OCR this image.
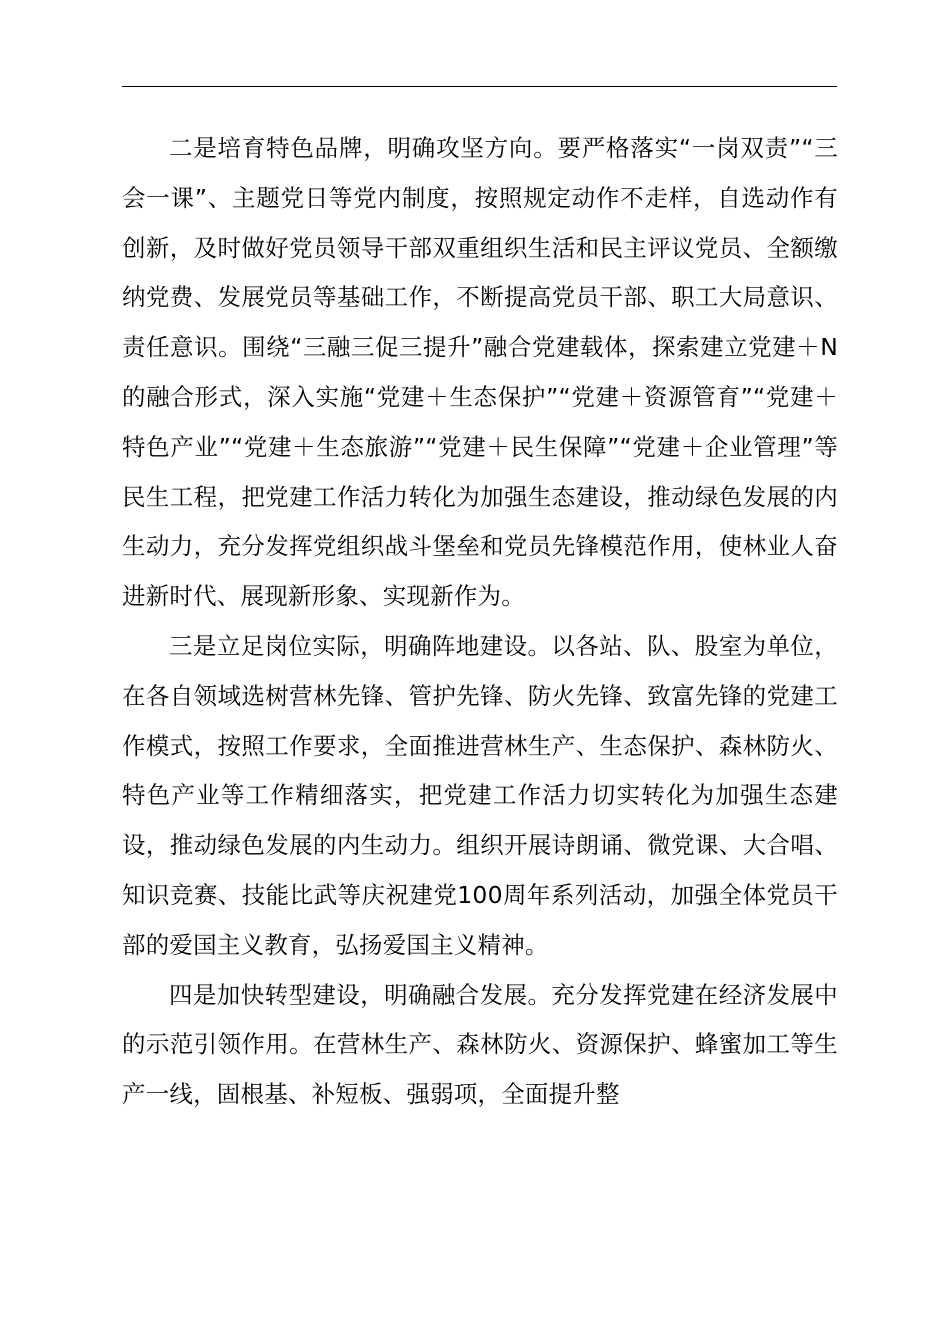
二是培育特色品牌，明确攻坚方向。要严格落实“一岗双责”“三会一课”、主题党日等党内制度，按照规定动作不走样，自选动作有创新，及时做好党员领导干部双重组织生活和民主评议党员、全额缴纳党费、发展党员等基础工作，不断提高党员干部、职工大局意识、责任意识。围绕“三融三促三提升”融合党建载体，探索建立党建＋N的融合形式，深入实施“党建＋生态保护”“党建＋资源管育”“党建＋特色产业”“党建＋生态旅游”“党建＋民生保障”“党建＋企业管理”等民生工程，把党建工作活力转化为加强生态建设，推动绿色发展的内生动力，充分发挥党组织战斗堡垒和党员先锋模范作用，使林业人奋进新时代、展现新形象、实现新作为。

三是立足岗位实际，明确阵地建设。以各站、队、股室为单位，在各自领域选树营林先锋、管护先锋、防火先锋、致富先锋的党建工作模式，按照工作要求，全面推进营林生产、生态保护、森林防火、特色产业等工作精细落实，把党建工作活力切实转化为加强生态建设，推动绿色发展的内生动力。组织开展诗朗诵、微党课、大合唱、知识竞赛、技能比武等庆祝建党100周年系列活动，加强全体党员干部的爱国主义教育，弘扬爱国主义精神。

四是加快转型建设，明确融合发展。充分发挥党建在经济发展中的示范引领作用。在营林生产、森林防火、资源保护、蜂蜜加工等生产一线，固根基、补短板、强弱项，全面提升整
